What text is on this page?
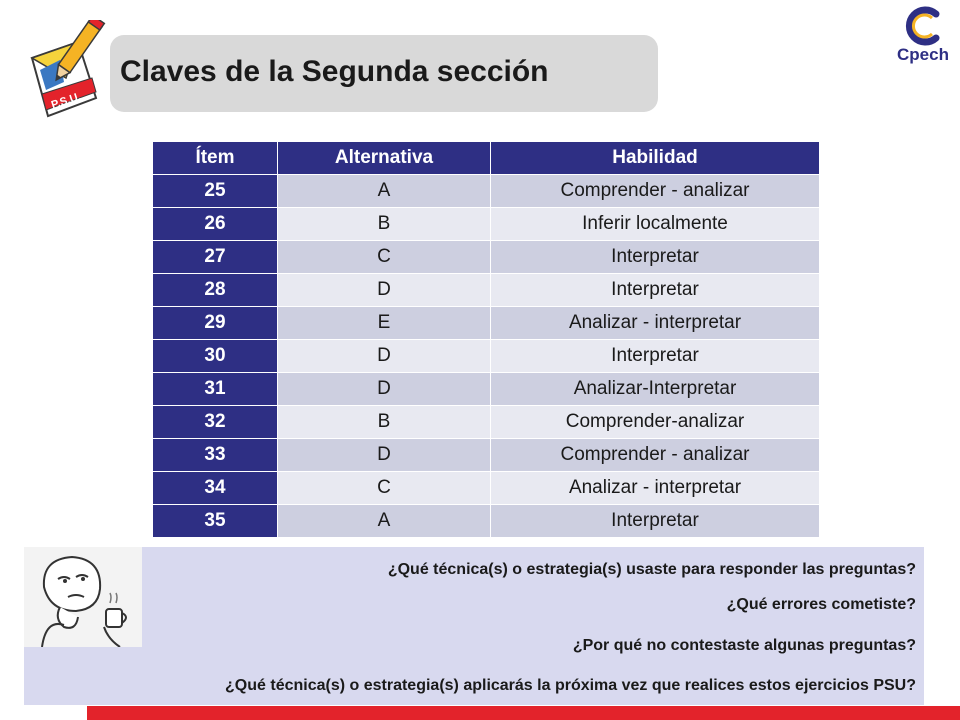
P.S.U.
Claves de la Segunda sección
Cpech
Ítem	Alternativa	Habilidad
25	A	Comprender - analizar
26	B	Inferir localmente
27	C	Interpretar
28	D	Interpretar
29	E	Analizar - interpretar
30	D	Interpretar
31	D	Analizar-Interpretar
32	B	Comprender-analizar
33	D	Comprender - analizar
34	C	Analizar - interpretar
35	A	Interpretar
¿Qué técnica(s) o estrategia(s) usaste para responder las preguntas?
¿Qué errores cometiste?
¿Por qué no contestaste algunas preguntas?
¿Qué técnica(s) o estrategia(s) aplicarás la próxima vez que realices estos ejercicios PSU?
